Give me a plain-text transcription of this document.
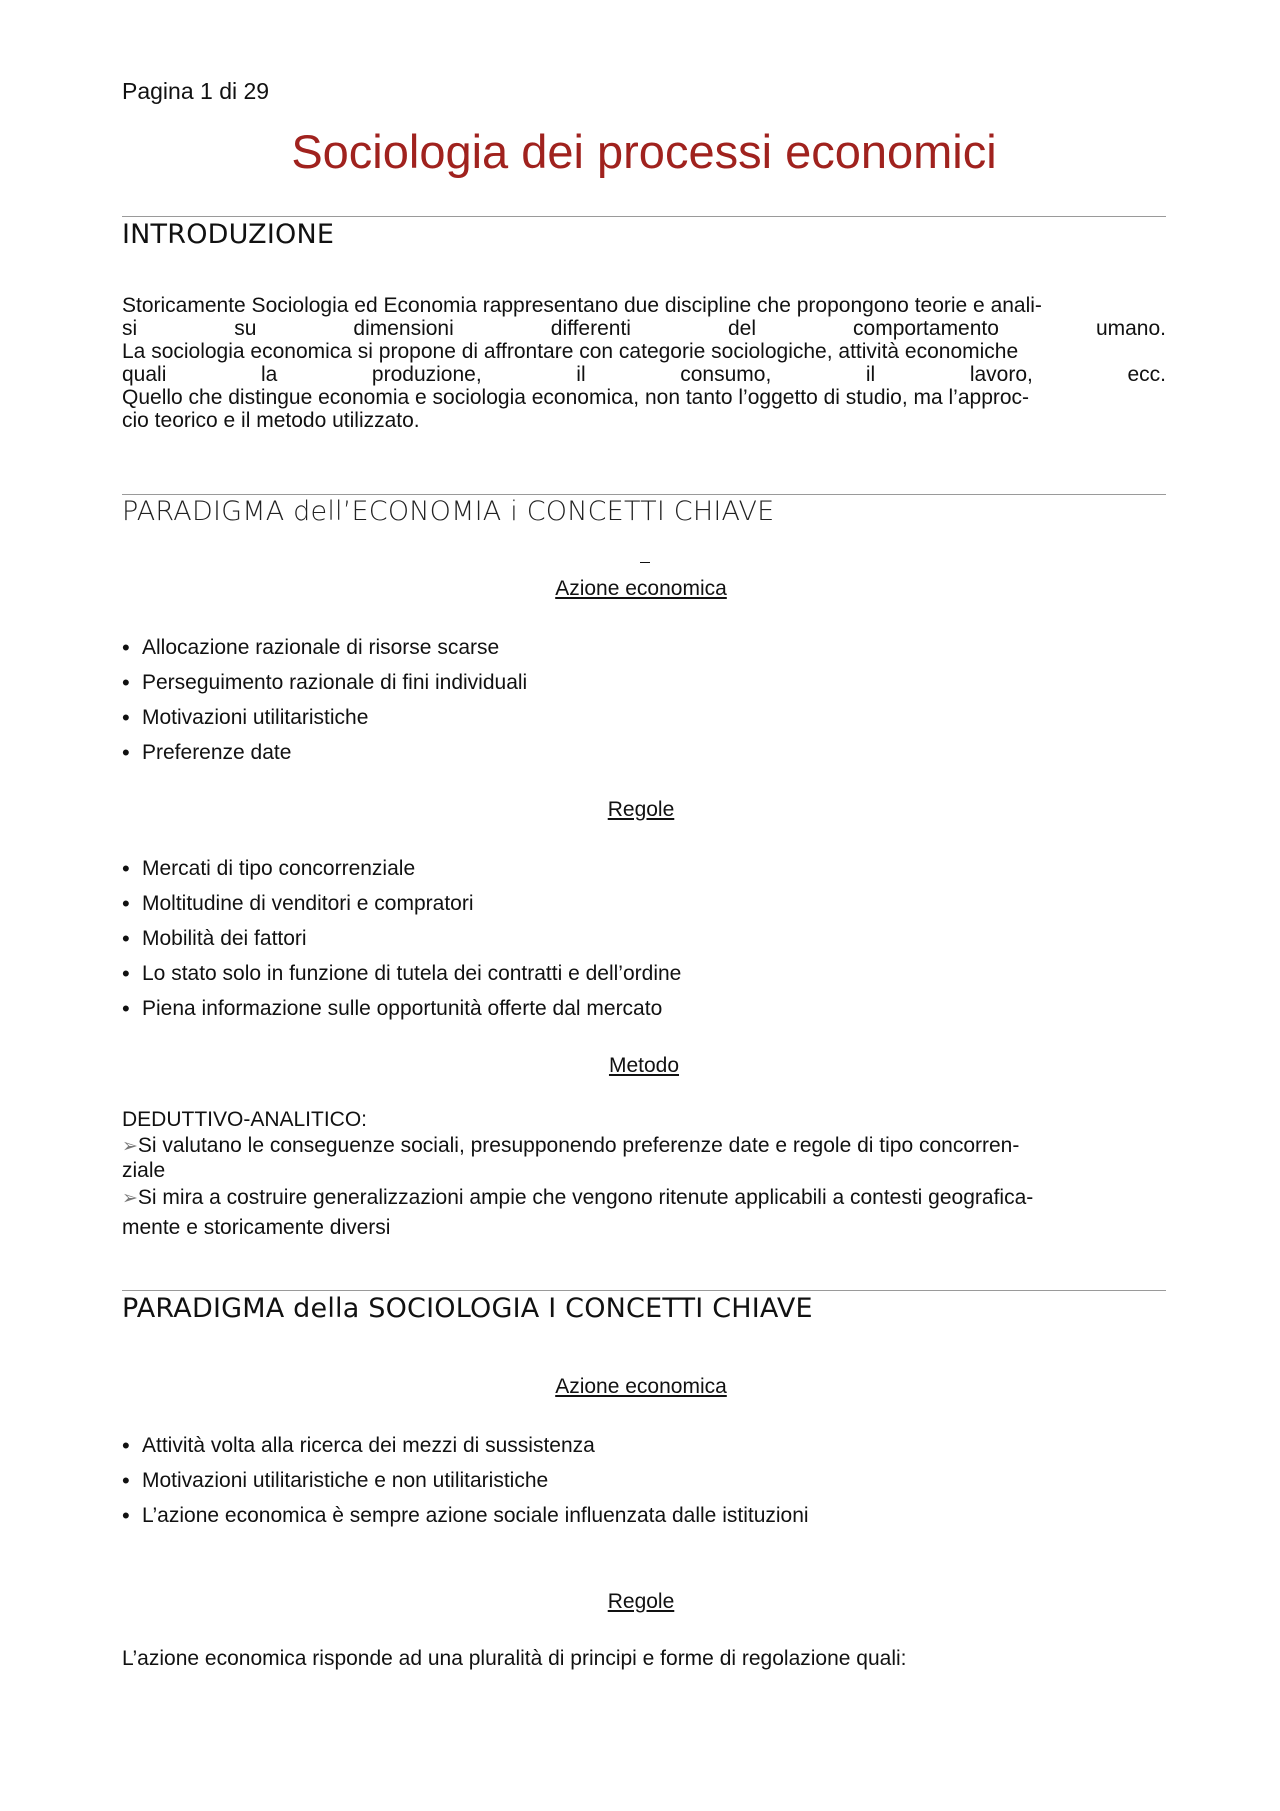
Pagina 1 di 29
Sociologia dei processi economici
INTRODUZIONE
Storicamente Sociologia ed Economia rappresentano due discipline che propongono teorie e anali-
si su dimensioni differenti del comportamento umano.
La sociologia economica si propone di affrontare con categorie sociologiche, attività economiche
quali la produzione, il consumo, il lavoro, ecc.
Quello che distingue economia e sociologia economica, non tanto l’oggetto di studio, ma l’approc-
cio teorico e il metodo utilizzato.
PARADIGMA dell’ECONOMIA i CONCETTI CHIAVE
Azione economica
• Allocazione razionale di risorse scarse
• Perseguimento razionale di fini individuali
• Motivazioni utilitaristiche
• Preferenze date
Regole
• Mercati di tipo concorrenziale
• Moltitudine di venditori e compratori
• Mobilità dei fattori
• Lo stato solo in funzione di tutela dei contratti e dell’ordine
• Piena informazione sulle opportunità offerte dal mercato
Metodo
DEDUTTIVO-ANALITICO:
➢Si valutano le conseguenze sociali, presupponendo preferenze date e regole di tipo concorren-
ziale
➢Si mira a costruire generalizzazioni ampie che vengono ritenute applicabili a contesti geografica-
mente e storicamente diversi
PARADIGMA della SOCIOLOGIA I CONCETTI CHIAVE
Azione economica
• Attività volta alla ricerca dei mezzi di sussistenza
• Motivazioni utilitaristiche e non utilitaristiche
• L’azione economica è sempre azione sociale influenzata dalle istituzioni
Regole
L’azione economica risponde ad una pluralità di principi e forme di regolazione quali:
